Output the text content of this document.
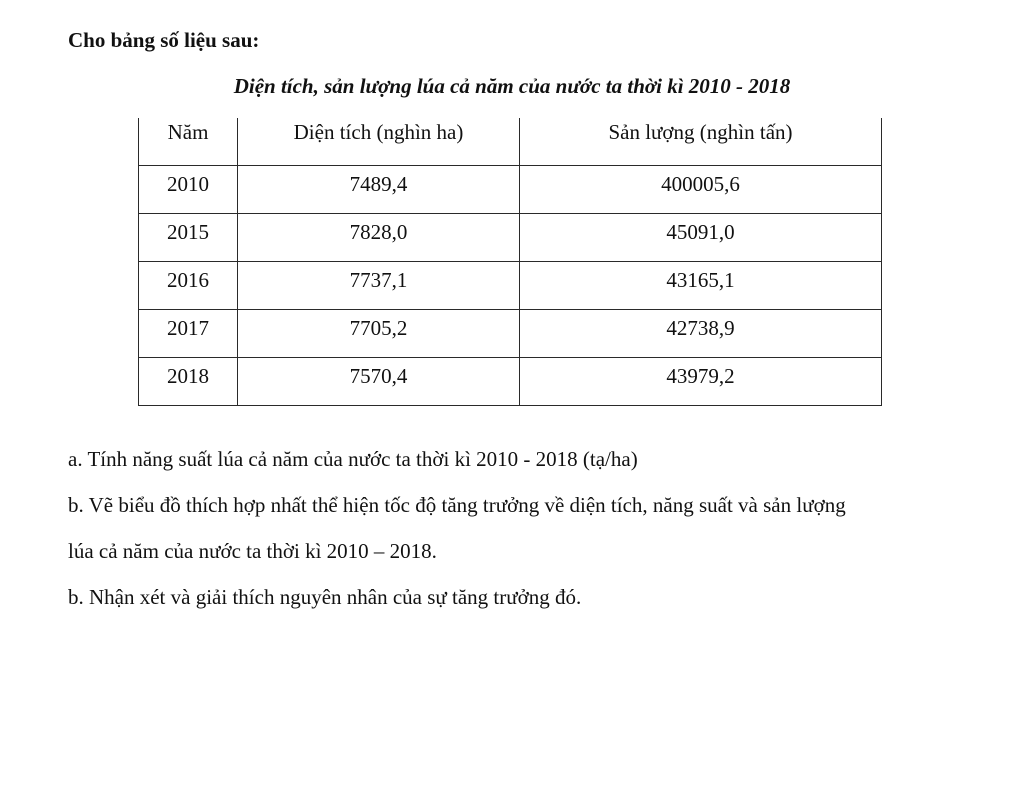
Cho bảng số liệu sau:
Diện tích, sản lượng lúa cả năm của nước ta thời kì 2010 - 2018
Năm	Diện tích (nghìn ha)	Sản lượng (nghìn tấn)
2010	7489,4	400005,6
2015	7828,0	45091,0
2016	7737,1	43165,1
2017	7705,2	42738,9
2018	7570,4	43979,2

a. Tính năng suất lúa cả năm của nước ta thời kì 2010 - 2018 (tạ/ha)

b. Vẽ biểu đồ thích hợp nhất thể hiện tốc độ tăng trưởng về diện tích, năng suất và sản lượng

lúa cả năm của nước ta thời kì 2010 – 2018.

b. Nhận xét và giải thích nguyên nhân của sự tăng trưởng đó.
